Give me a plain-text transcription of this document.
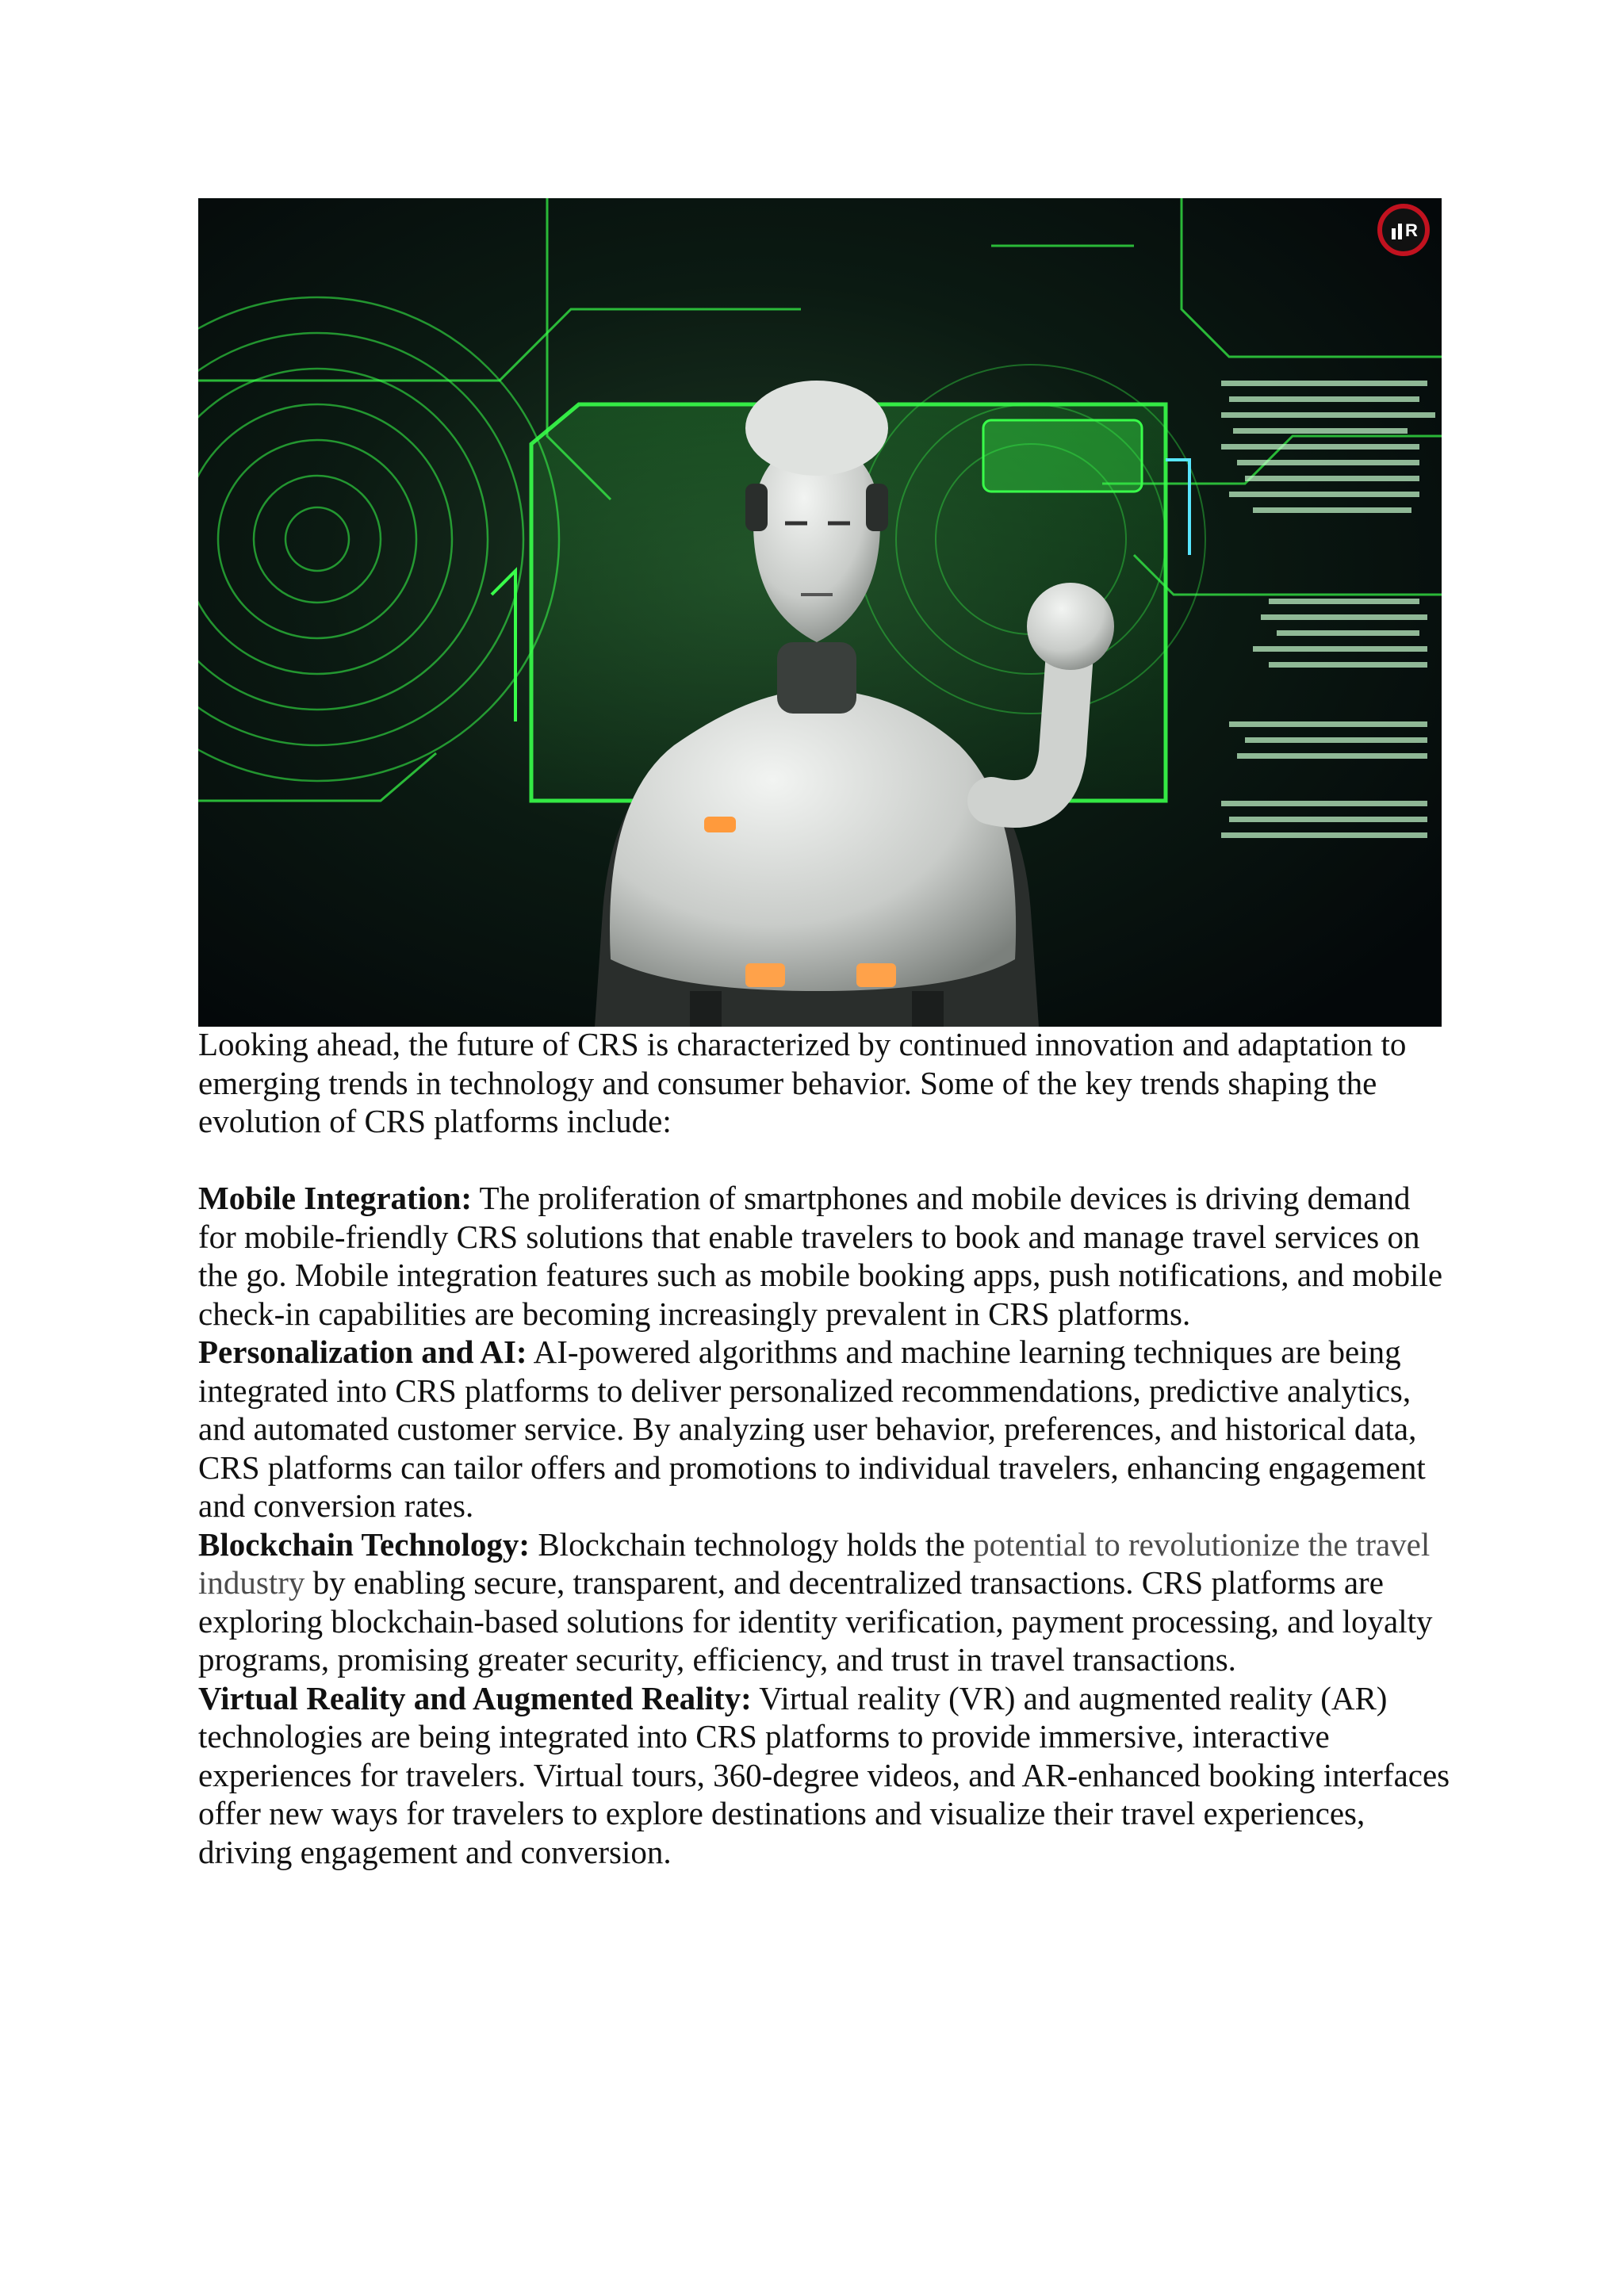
R

Looking ahead, the future of CRS is characterized by continued innovation and adaptation to emerging trends in technology and consumer behavior. Some of the key trends shaping the evolution of CRS platforms include:

Mobile Integration: The proliferation of smartphones and mobile devices is driving demand for mobile-friendly CRS solutions that enable travelers to book and manage travel services on the go. Mobile integration features such as mobile booking apps, push notifications, and mobile check-in capabilities are becoming increasingly prevalent in CRS platforms.

Personalization and AI: AI-powered algorithms and machine learning techniques are being integrated into CRS platforms to deliver personalized recommendations, predictive analytics, and automated customer service. By analyzing user behavior, preferences, and historical data, CRS platforms can tailor offers and promotions to individual travelers, enhancing engagement and conversion rates.

Blockchain Technology: Blockchain technology holds the potential to revolutionize the travel industry by enabling secure, transparent, and decentralized transactions. CRS platforms are exploring blockchain-based solutions for identity verification, payment processing, and loyalty programs, promising greater security, efficiency, and trust in travel transactions.

Virtual Reality and Augmented Reality: Virtual reality (VR) and augmented reality (AR) technologies are being integrated into CRS platforms to provide immersive, interactive experiences for travelers. Virtual tours, 360-degree videos, and AR-enhanced booking interfaces offer new ways for travelers to explore destinations and visualize their travel experiences, driving engagement and conversion.
